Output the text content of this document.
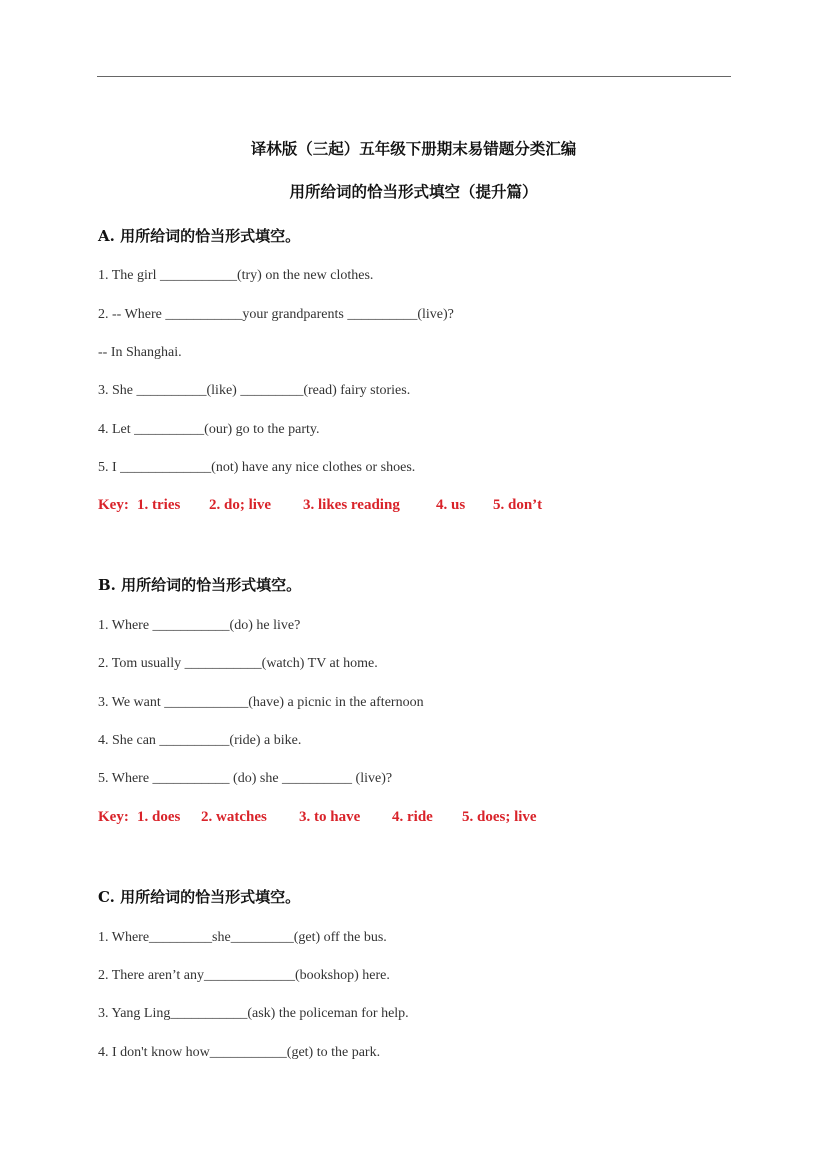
译林版（三起）五年级下册期末易错题分类汇编
用所给词的恰当形式填空（提升篇）
A. 用所给词的恰当形式填空。
1. The girl ___________(try) on the new clothes.
2. -- Where ___________your grandparents __________(live)?
-- In Shanghai.
3. She __________(like) _________(read) fairy stories.
4. Let __________(our) go to the party.
5. I _____________(not) have any nice clothes or shoes.
Key: 1. tries 2. do; live 3. likes reading 4. us 5. don’t
B. 用所给词的恰当形式填空。
1. Where ___________(do) he live?
2. Tom usually ___________(watch) TV at home.
3. We want ____________(have) a picnic in the afternoon
4. She can __________(ride) a bike.
5. Where ___________ (do) she __________ (live)?
Key: 1. does 2. watches 3. to have 4. ride 5. does; live
C. 用所给词的恰当形式填空。
1. Where_________she_________(get) off the bus.
2. There aren’t any_____________(bookshop) here.
3. Yang Ling___________(ask) the policeman for help.
4. I don't know how___________(get) to the park.
